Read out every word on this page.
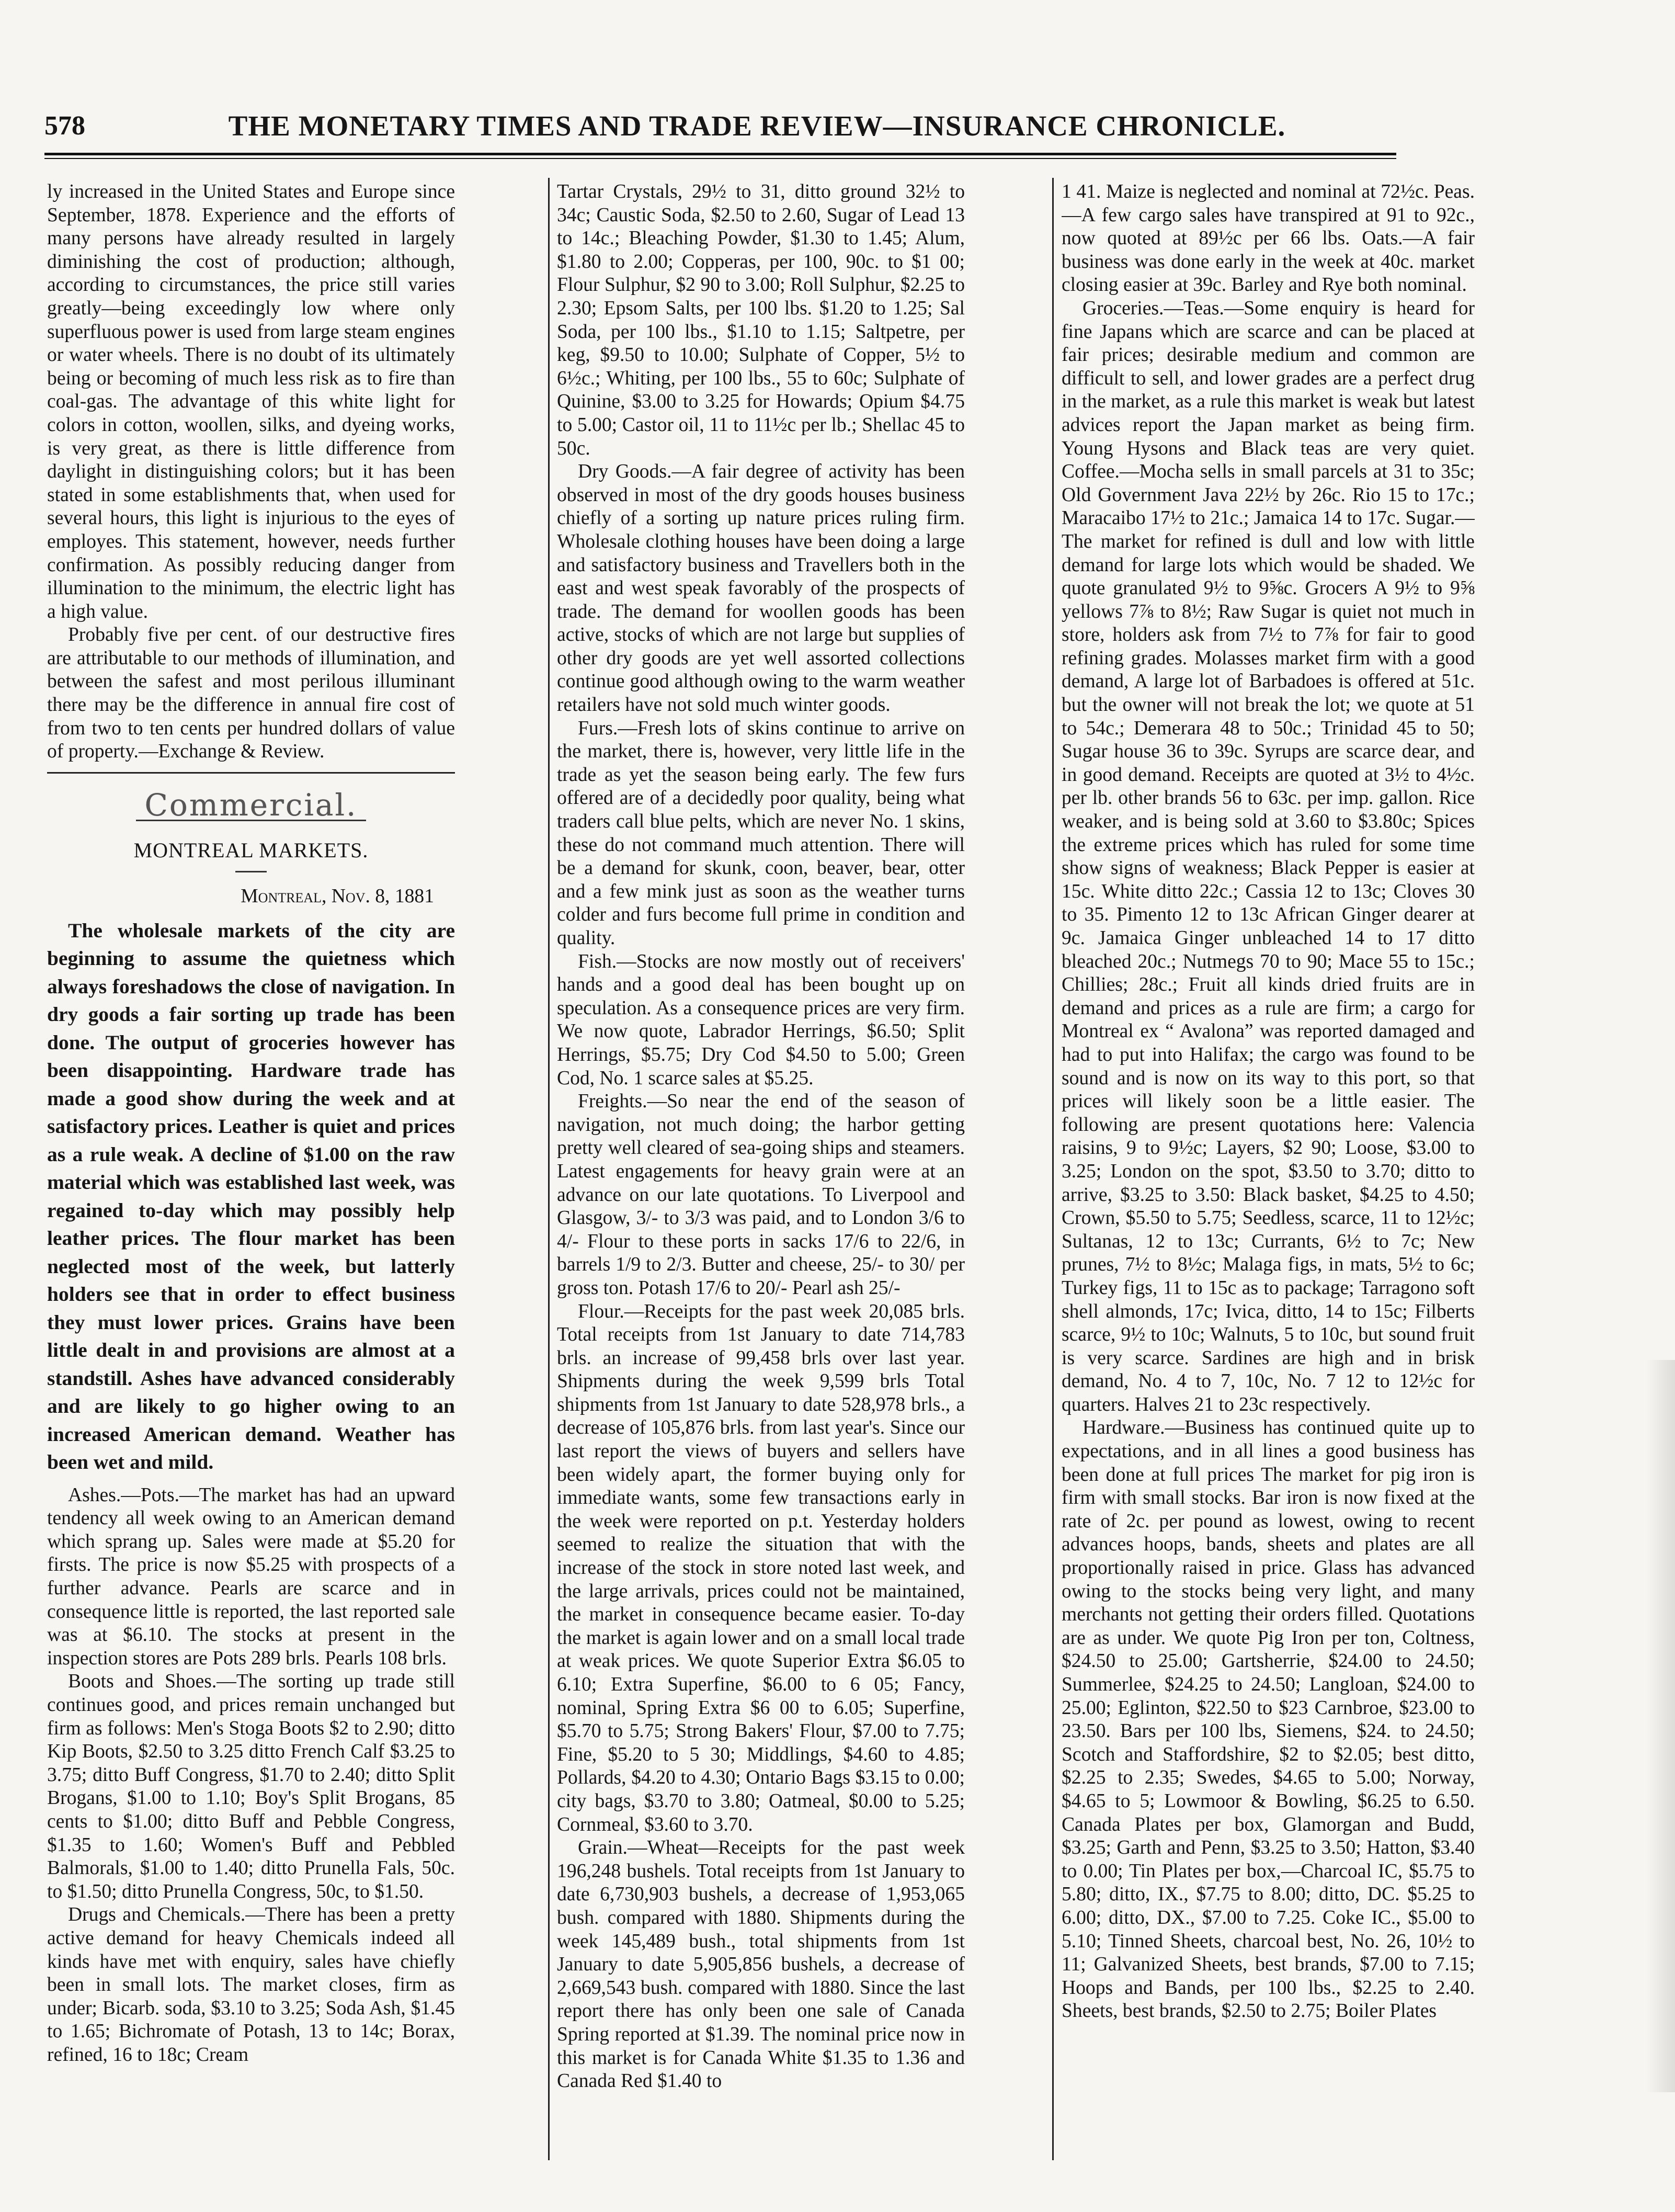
578	THE MONETARY TIMES AND TRADE REVIEW—INSURANCE CHRONICLE.

ly increased in the United States and Europe since September, 1878. Experience and the efforts of many persons have already resulted in largely diminishing the cost of production; although, according to circumstances, the price still varies greatly—being exceedingly low where only superfluous power is used from large steam engines or water wheels. There is no doubt of its ultimately being or becoming of much less risk as to fire than coal-gas. The advantage of this white light for colors in cotton, woollen, silks, and dyeing works, is very great, as there is little difference from daylight in distinguishing colors; but it has been stated in some establishments that, when used for several hours, this light is injurious to the eyes of employes. This statement, however, needs further confirmation. As possibly reducing danger from illumination to the minimum, the electric light has a high value.

Probably five per cent. of our destructive fires are attributable to our methods of illumination, and between the safest and most perilous illuminant there may be the difference in annual fire cost of from two to ten cents per hundred dollars of value of property.—Exchange & Review.

Commercial.
MONTREAL MARKETS.
Montreal, Nov. 8, 1881

The wholesale markets of the city are beginning to assume the quietness which always foreshadows the close of navigation. In dry goods a fair sorting up trade has been done. The output of groceries however has been disappointing. Hardware trade has made a good show during the week and at satisfactory prices. Leather is quiet and prices as a rule weak. A decline of $1.00 on the raw material which was established last week, was regained to-day which may possibly help leather prices. The flour market has been neglected most of the week, but latterly holders see that in order to effect business they must lower prices. Grains have been little dealt in and provisions are almost at a standstill. Ashes have advanced considerably and are likely to go higher owing to an increased American demand. Weather has been wet and mild.

Ashes.—Pots.—The market has had an upward tendency all week owing to an American demand which sprang up. Sales were made at $5.20 for firsts. The price is now $5.25 with prospects of a further advance. Pearls are scarce and in consequence little is reported, the last reported sale was at $6.10. The stocks at present in the inspection stores are Pots 289 brls. Pearls 108 brls.

Boots and Shoes.—The sorting up trade still continues good, and prices remain unchanged but firm as follows: Men's Stoga Boots $2 to 2.90; ditto Kip Boots, $2.50 to 3.25 ditto French Calf $3.25 to 3.75; ditto Buff Congress, $1.70 to 2.40; ditto Split Brogans, $1.00 to 1.10; Boy's Split Brogans, 85 cents to $1.00; ditto Buff and Pebble Congress, $1.35 to 1.60; Women's Buff and Pebbled Balmorals, $1.00 to 1.40; ditto Prunella Fals, 50c. to $1.50; ditto Prunella Congress, 50c, to $1.50.

Drugs and Chemicals.—There has been a pretty active demand for heavy Chemicals indeed all kinds have met with enquiry, sales have chiefly been in small lots. The market closes, firm as under; Bicarb. soda, $3.10 to 3.25; Soda Ash, $1.45 to 1.65; Bichromate of Potash, 13 to 14c; Borax, refined, 16 to 18c; Cream

Tartar Crystals, 29½ to 31, ditto ground 32½ to 34c; Caustic Soda, $2.50 to 2.60, Sugar of Lead 13 to 14c.; Bleaching Powder, $1.30 to 1.45; Alum, $1.80 to 2.00; Copperas, per 100, 90c. to $1 00; Flour Sulphur, $2 90 to 3.00; Roll Sulphur, $2.25 to 2.30; Epsom Salts, per 100 lbs. $1.20 to 1.25; Sal Soda, per 100 lbs., $1.10 to 1.15; Saltpetre, per keg, $9.50 to 10.00; Sulphate of Copper, 5½ to 6½c.; Whiting, per 100 lbs., 55 to 60c; Sulphate of Quinine, $3.00 to 3.25 for Howards; Opium $4.75 to 5.00; Castor oil, 11 to 11½c per lb.; Shellac 45 to 50c.

Dry Goods.—A fair degree of activity has been observed in most of the dry goods houses business chiefly of a sorting up nature prices ruling firm. Wholesale clothing houses have been doing a large and satisfactory business and Travellers both in the east and west speak favorably of the prospects of trade. The demand for woollen goods has been active, stocks of which are not large but supplies of other dry goods are yet well assorted collections continue good although owing to the warm weather retailers have not sold much winter goods.

Furs.—Fresh lots of skins continue to arrive on the market, there is, however, very little life in the trade as yet the season being early. The few furs offered are of a decidedly poor quality, being what traders call blue pelts, which are never No. 1 skins, these do not command much attention. There will be a demand for skunk, coon, beaver, bear, otter and a few mink just as soon as the weather turns colder and furs become full prime in condition and quality.

Fish.—Stocks are now mostly out of receivers' hands and a good deal has been bought up on speculation. As a consequence prices are very firm. We now quote, Labrador Herrings, $6.50; Split Herrings, $5.75; Dry Cod $4.50 to 5.00; Green Cod, No. 1 scarce sales at $5.25.

Freights.—So near the end of the season of navigation, not much doing; the harbor getting pretty well cleared of sea-going ships and steamers. Latest engagements for heavy grain were at an advance on our late quotations. To Liverpool and Glasgow, 3/- to 3/3 was paid, and to London 3/6 to 4/- Flour to these ports in sacks 17/6 to 22/6, in barrels 1/9 to 2/3. Butter and cheese, 25/- to 30/ per gross ton. Potash 17/6 to 20/- Pearl ash 25/-

Flour.—Receipts for the past week 20,085 brls. Total receipts from 1st January to date 714,783 brls. an increase of 99,458 brls over last year. Shipments during the week 9,599 brls Total shipments from 1st January to date 528,978 brls., a decrease of 105,876 brls. from last year's. Since our last report the views of buyers and sellers have been widely apart, the former buying only for immediate wants, some few transactions early in the week were reported on p.t. Yesterday holders seemed to realize the situation that with the increase of the stock in store noted last week, and the large arrivals, prices could not be maintained, the market in consequence became easier. To-day the market is again lower and on a small local trade at weak prices. We quote Superior Extra $6.05 to 6.10; Extra Superfine, $6.00 to 6 05; Fancy, nominal, Spring Extra $6 00 to 6.05; Superfine, $5.70 to 5.75; Strong Bakers' Flour, $7.00 to 7.75; Fine, $5.20 to 5 30; Middlings, $4.60 to 4.85; Pollards, $4.20 to 4.30; Ontario Bags $3.15 to 0.00; city bags, $3.70 to 3.80; Oatmeal, $0.00 to 5.25; Cornmeal, $3.60 to 3.70.

Grain.—Wheat—Receipts for the past week 196,248 bushels. Total receipts from 1st January to date 6,730,903 bushels, a decrease of 1,953,065 bush. compared with 1880. Shipments during the week 145,489 bush., total shipments from 1st January to date 5,905,856 bushels, a decrease of 2,669,543 bush. compared with 1880. Since the last report there has only been one sale of Canada Spring reported at $1.39. The nominal price now in this market is for Canada White $1.35 to 1.36 and Canada Red $1.40 to

1 41. Maize is neglected and nominal at 72½c. Peas.—A few cargo sales have transpired at 91 to 92c., now quoted at 89½c per 66 lbs. Oats.—A fair business was done early in the week at 40c. market closing easier at 39c. Barley and Rye both nominal.

Groceries.—Teas.—Some enquiry is heard for fine Japans which are scarce and can be placed at fair prices; desirable medium and common are difficult to sell, and lower grades are a perfect drug in the market, as a rule this market is weak but latest advices report the Japan market as being firm. Young Hysons and Black teas are very quiet. Coffee.—Mocha sells in small parcels at 31 to 35c; Old Government Java 22½ by 26c. Rio 15 to 17c.; Maracaibo 17½ to 21c.; Jamaica 14 to 17c. Sugar.—The market for refined is dull and low with little demand for large lots which would be shaded. We quote granulated 9½ to 9⅝c. Grocers A 9½ to 9⅝ yellows 7⅞ to 8½; Raw Sugar is quiet not much in store, holders ask from 7½ to 7⅞ for fair to good refining grades. Molasses market firm with a good demand, A large lot of Barbadoes is offered at 51c. but the owner will not break the lot; we quote at 51 to 54c.; Demerara 48 to 50c.; Trinidad 45 to 50; Sugar house 36 to 39c. Syrups are scarce dear, and in good demand. Receipts are quoted at 3½ to 4½c. per lb. other brands 56 to 63c. per imp. gallon. Rice weaker, and is being sold at 3.60 to $3.80c; Spices the extreme prices which has ruled for some time show signs of weakness; Black Pepper is easier at 15c. White ditto 22c.; Cassia 12 to 13c; Cloves 30 to 35. Pimento 12 to 13c African Ginger dearer at 9c. Jamaica Ginger unbleached 14 to 17 ditto bleached 20c.; Nutmegs 70 to 90; Mace 55 to 15c.; Chillies; 28c.; Fruit all kinds dried fruits are in demand and prices as a rule are firm; a cargo for Montreal ex “ Avalona” was reported damaged and had to put into Halifax; the cargo was found to be sound and is now on its way to this port, so that prices will likely soon be a little easier. The following are present quotations here: Valencia raisins, 9 to 9½c; Layers, $2 90; Loose, $3.00 to 3.25; London on the spot, $3.50 to 3.70; ditto to arrive, $3.25 to 3.50: Black basket, $4.25 to 4.50; Crown, $5.50 to 5.75; Seedless, scarce, 11 to 12½c; Sultanas, 12 to 13c; Currants, 6½ to 7c; New prunes, 7½ to 8½c; Malaga figs, in mats, 5½ to 6c; Turkey figs, 11 to 15c as to package; Tarragono soft shell almonds, 17c; Ivica, ditto, 14 to 15c; Filberts scarce, 9½ to 10c; Walnuts, 5 to 10c, but sound fruit is very scarce. Sardines are high and in brisk demand, No. 4 to 7, 10c, No. 7 12 to 12½c for quarters. Halves 21 to 23c respectively.

Hardware.—Business has continued quite up to expectations, and in all lines a good business has been done at full prices The market for pig iron is firm with small stocks. Bar iron is now fixed at the rate of 2c. per pound as lowest, owing to recent advances hoops, bands, sheets and plates are all proportionally raised in price. Glass has advanced owing to the stocks being very light, and many merchants not getting their orders filled. Quotations are as under. We quote Pig Iron per ton, Coltness, $24.50 to 25.00; Gartsherrie, $24.00 to 24.50; Summerlee, $24.25 to 24.50; Langloan, $24.00 to 25.00; Eglinton, $22.50 to $23 Carnbroe, $23.00 to 23.50. Bars per 100 lbs, Siemens, $24. to 24.50; Scotch and Staffordshire, $2 to $2.05; best ditto, $2.25 to 2.35; Swedes, $4.65 to 5.00; Norway, $4.65 to 5; Lowmoor & Bowling, $6.25 to 6.50. Canada Plates per box, Glamorgan and Budd, $3.25; Garth and Penn, $3.25 to 3.50; Hatton, $3.40 to 0.00; Tin Plates per box,—Charcoal IC, $5.75 to 5.80; ditto, IX., $7.75 to 8.00; ditto, DC. $5.25 to 6.00; ditto, DX., $7.00 to 7.25. Coke IC., $5.00 to 5.10; Tinned Sheets, charcoal best, No. 26, 10½ to 11; Galvanized Sheets, best brands, $7.00 to 7.15; Hoops and Bands, per 100 lbs., $2.25 to 2.40. Sheets, best brands, $2.50 to 2.75; Boiler Plates
